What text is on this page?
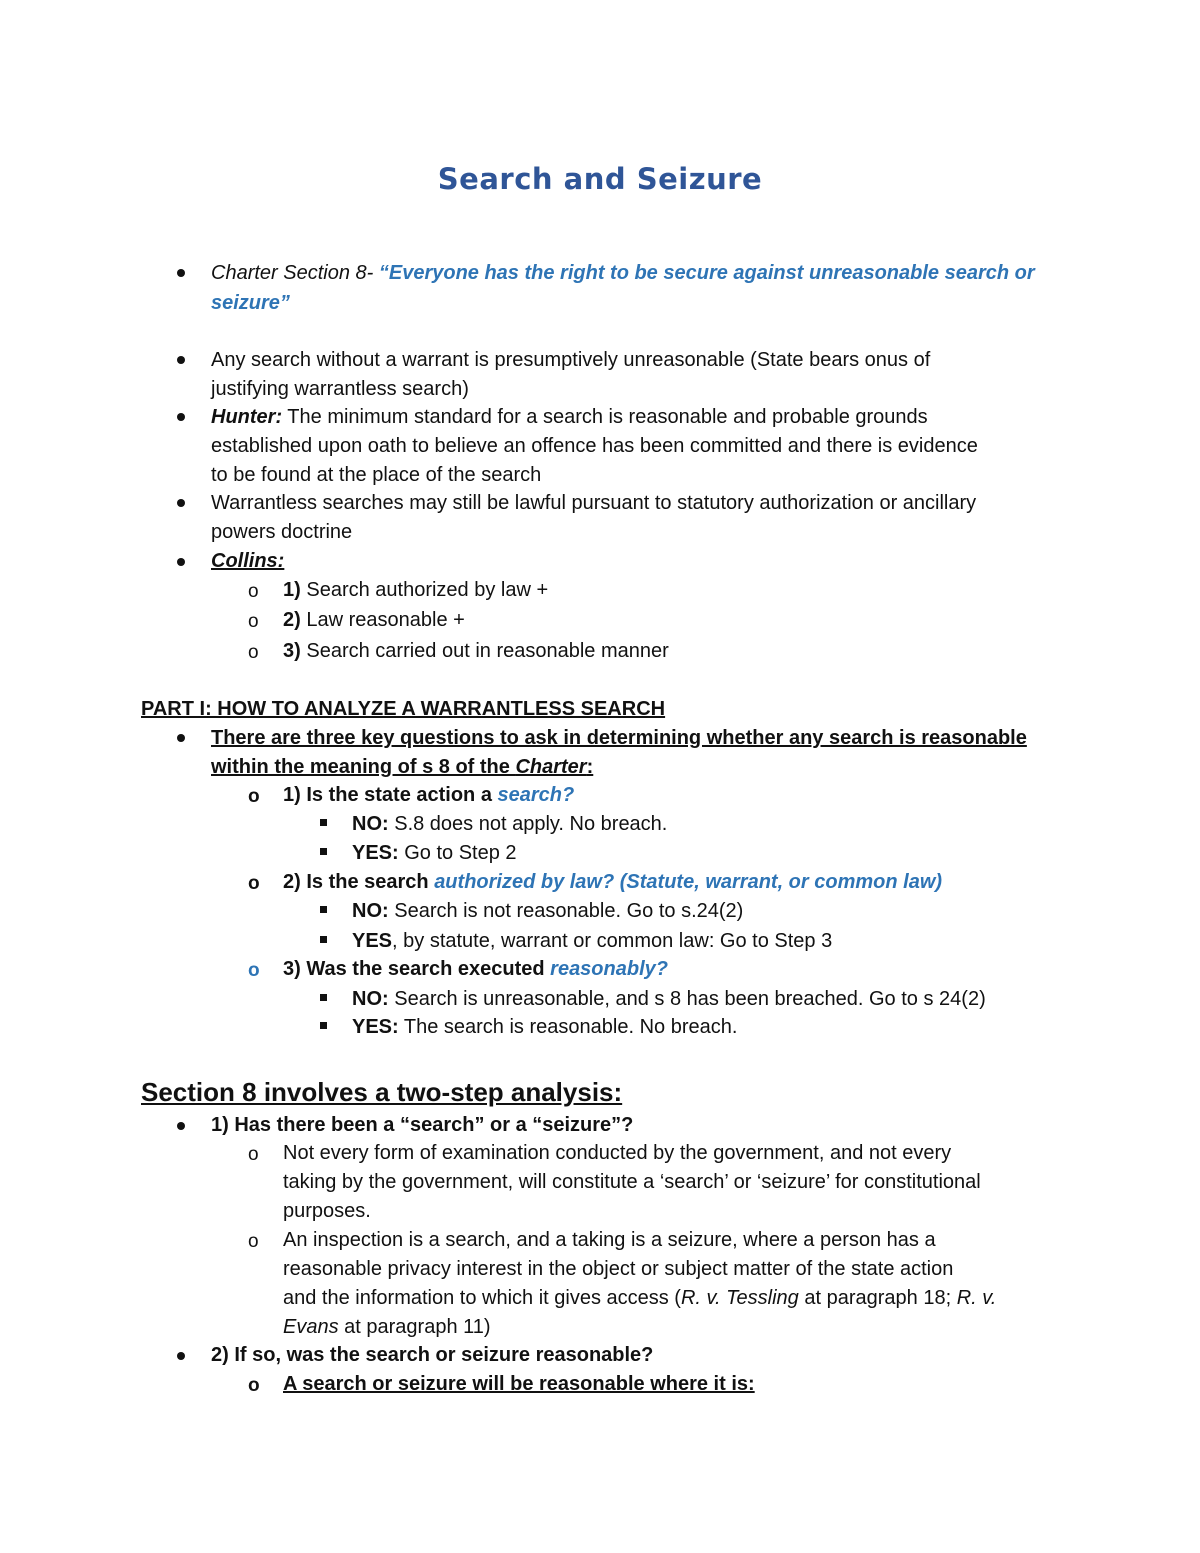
Search and Seizure
Charter Section 8- “Everyone has the right to be secure against unreasonable search or
seizure”
Any search without a warrant is presumptively unreasonable (State bears onus of
justifying warrantless search)
Hunter: The minimum standard for a search is reasonable and probable grounds
established upon oath to believe an offence has been committed and there is evidence
to be found at the place of the search
Warrantless searches may still be lawful pursuant to statutory authorization or ancillary
powers doctrine
Collins:
o 1) Search authorized by law +
o 2) Law reasonable +
o 3) Search carried out in reasonable manner
PART I: HOW TO ANALYZE A WARRANTLESS SEARCH
There are three key questions to ask in determining whether any search is reasonable
within the meaning of s 8 of the Charter:
o 1) Is the state action a search?
NO: S.8 does not apply. No breach.
YES: Go to Step 2
o 2) Is the search authorized by law? (Statute, warrant, or common law)
NO: Search is not reasonable. Go to s.24(2)
YES, by statute, warrant or common law: Go to Step 3
o 3) Was the search executed reasonably?
NO: Search is unreasonable, and s 8 has been breached. Go to s 24(2)
YES: The search is reasonable. No breach.
Section 8 involves a two-step analysis:
1) Has there been a “search” or a “seizure”?
o Not every form of examination conducted by the government, and not every
taking by the government, will constitute a ‘search’ or ‘seizure’ for constitutional
purposes.
o An inspection is a search, and a taking is a seizure, where a person has a
reasonable privacy interest in the object or subject matter of the state action
and the information to which it gives access (R. v. Tessling at paragraph 18; R. v.
Evans at paragraph 11)
2) If so, was the search or seizure reasonable?
o A search or seizure will be reasonable where it is:
